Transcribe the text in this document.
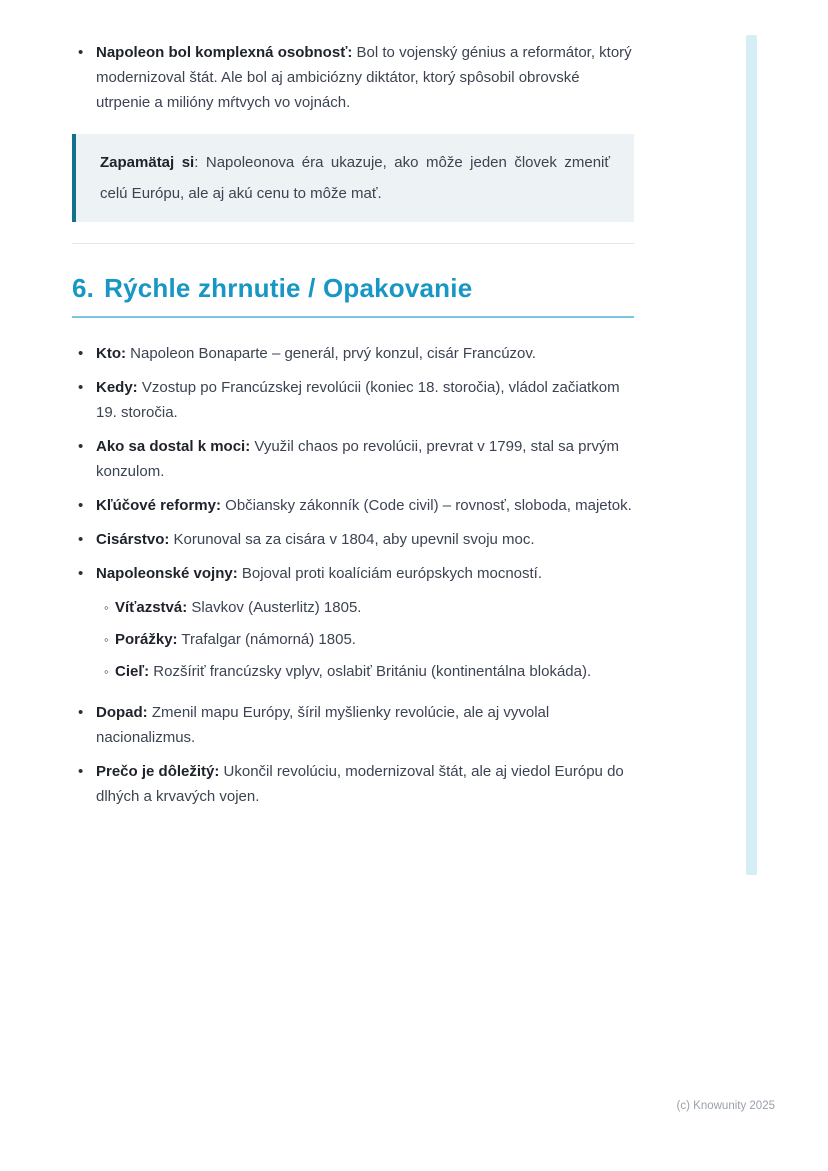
• Napoleon bol komplexná osobnosť: Bol to vojenský génius a reformátor, ktorý modernizoval štát. Ale bol aj ambiciózny diktátor, ktorý spôsobil obrovské utrpenie a milióny mŕtvych vo vojnách.

Zapamätaj si: Napoleonova éra ukazuje, ako môže jeden človek zmeniť celú Európu, ale aj akú cenu to môže mať.

6. Rýchle zhrnutie / Opakovanie
• Kto: Napoleon Bonaparte – generál, prvý konzul, cisár Francúzov.

• Kedy: Vzostup po Francúzskej revolúcii (koniec 18. storočia), vládol začiatkom 19. storočia.

• Ako sa dostal k moci: Využil chaos po revolúcii, prevrat v 1799, stal sa prvým konzulom.

• Kľúčové reformy: Občiansky zákonník (Code civil) – rovnosť, sloboda, majetok.

• Cisárstvo: Korunoval sa za cisára v 1804, aby upevnil svoju moc.

• Napoleonské vojny: Bojoval proti koalíciám európskych mocností.

◦ Víťazstvá: Slavkov (Austerlitz) 1805.

◦ Porážky: Trafalgar (námorná) 1805.

◦ Cieľ: Rozšíriť francúzsky vplyv, oslabiť Britániu (kontinentálna blokáda).

• Dopad: Zmenil mapu Európy, šíril myšlienky revolúcie, ale aj vyvolal nacionalizmus.

• Prečo je dôležitý: Ukončil revolúciu, modernizoval štát, ale aj viedol Európu do dlhých a krvavých vojen.

(c) Knowunity 2025
